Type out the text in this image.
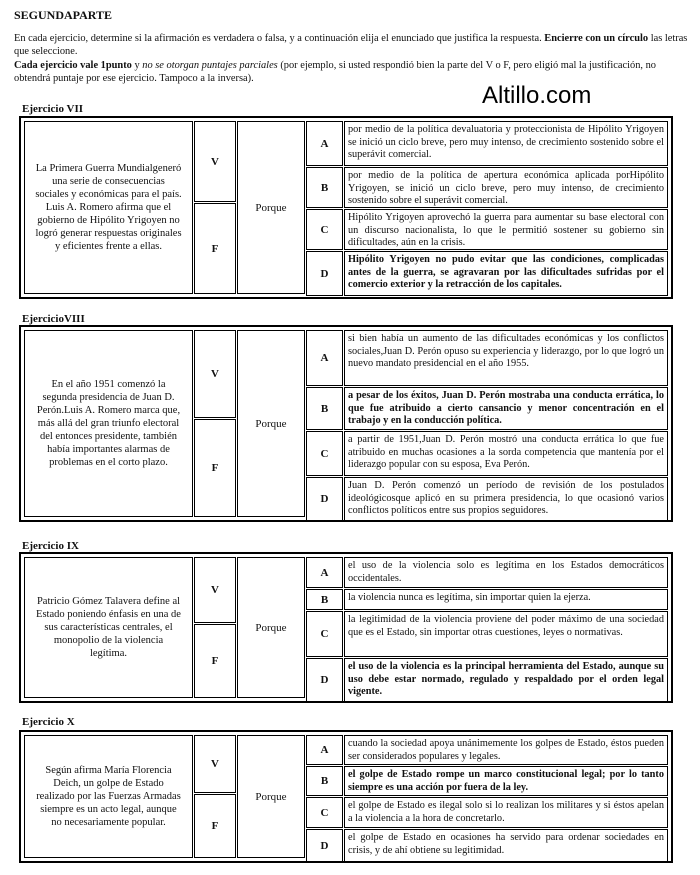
SEGUNDAPARTE
En cada ejercicio, determine si la afirmación es verdadera o falsa, y a continuación elija el enunciado que justifica la respuesta. Encierre con un círculo las letras que seleccione.
Cada ejercicio vale 1punto y no se otorgan puntajes parciales (por ejemplo, si usted respondió bien la parte del V o F, pero eligió mal la justificación, no obtendrá puntaje por ese ejercicio. Tampoco a la inversa).
Altillo.com
Ejercicio VII
La Primera Guerra Mundialgeneró una serie de consecuencias sociales y económicas para el país. Luis A. Romero afirma que el gobierno de Hipólito Yrigoyen no logró generar respuestas originales y eficientes frente a ellas.
V
F
Porque
A
por medio de la política devaluatoria y proteccionista de Hipólito Yrigoyen se inició un ciclo breve, pero muy intenso, de crecimiento sostenido sobre el superávit comercial.
B
por medio de la política de apertura económica aplicada porHipólito Yrigoyen, se inició un ciclo breve, pero muy intenso, de crecimiento sostenido sobre el superávit comercial.
C
Hipólito Yrigoyen aprovechó la guerra para aumentar su base electoral con un discurso nacionalista, lo que le permitió sostener su gobierno sin dificultades, aún en la crisis.
D
Hipólito Yrigoyen no pudo evitar que las condiciones, complicadas antes de la guerra, se agravaran por las dificultades sufridas por el comercio exterior y la retracción de los capitales.
EjercicioVIII
En el año 1951 comenzó la segunda presidencia de Juan D. Perón.Luis A. Romero marca que, más allá del gran triunfo electoral del entonces presidente, también había importantes alarmas de problemas en el corto plazo.
V
F
Porque
A
si bien había un aumento de las dificultades económicas y los conflictos sociales,Juan D. Perón opuso su experiencia y liderazgo, por lo que logró un nuevo mandato presidencial en el año 1955.
B
a pesar de los éxitos, Juan D. Perón mostraba una conducta errática, lo que fue atribuido a cierto cansancio y menor concentración en el trabajo y en la conducción política.
C
a partir de 1951,Juan D. Perón mostró una conducta errática lo que fue atribuido en muchas ocasiones a la sorda competencia que mantenía por el liderazgo popular con su esposa, Eva Perón.
D
Juan D. Perón comenzó un período de revisión de los postulados ideológicosque aplicó en su primera presidencia, lo que ocasionó varios conflictos políticos entre sus propios seguidores.
Ejercicio IX
Patricio Gómez Talavera define al Estado poniendo énfasis en una de sus características centrales, el monopolio de la violencia legítima.
V
F
Porque
A
el uso de la violencia solo es legítima en los Estados democráticos occidentales.
B	la violencia nunca es legítima, sin importar quien la ejerza.
C
la legitimidad de la violencia proviene del poder máximo de una sociedad que es el Estado, sin importar otras cuestiones, leyes o normativas.
D
el uso de la violencia es la principal herramienta del Estado, aunque su uso debe estar normado, regulado y respaldado por el orden legal vigente.
Ejercicio X
Según afirma María Florencia Deich, un golpe de Estado realizado por las Fuerzas Armadas siempre es un acto legal, aunque no necesariamente popular.
V
F
Porque
A
cuando la sociedad apoya unánimemente los golpes de Estado, éstos pueden ser considerados populares y legales.
B
el golpe de Estado rompe un marco constitucional legal; por lo tanto siempre es una acción por fuera de la ley.
C
el golpe de Estado es ilegal solo si lo realizan los militares y si éstos apelan a la violencia a la hora de concretarlo.
D
el golpe de Estado en ocasiones ha servido para ordenar sociedades en crisis, y de ahí obtiene su legitimidad.
